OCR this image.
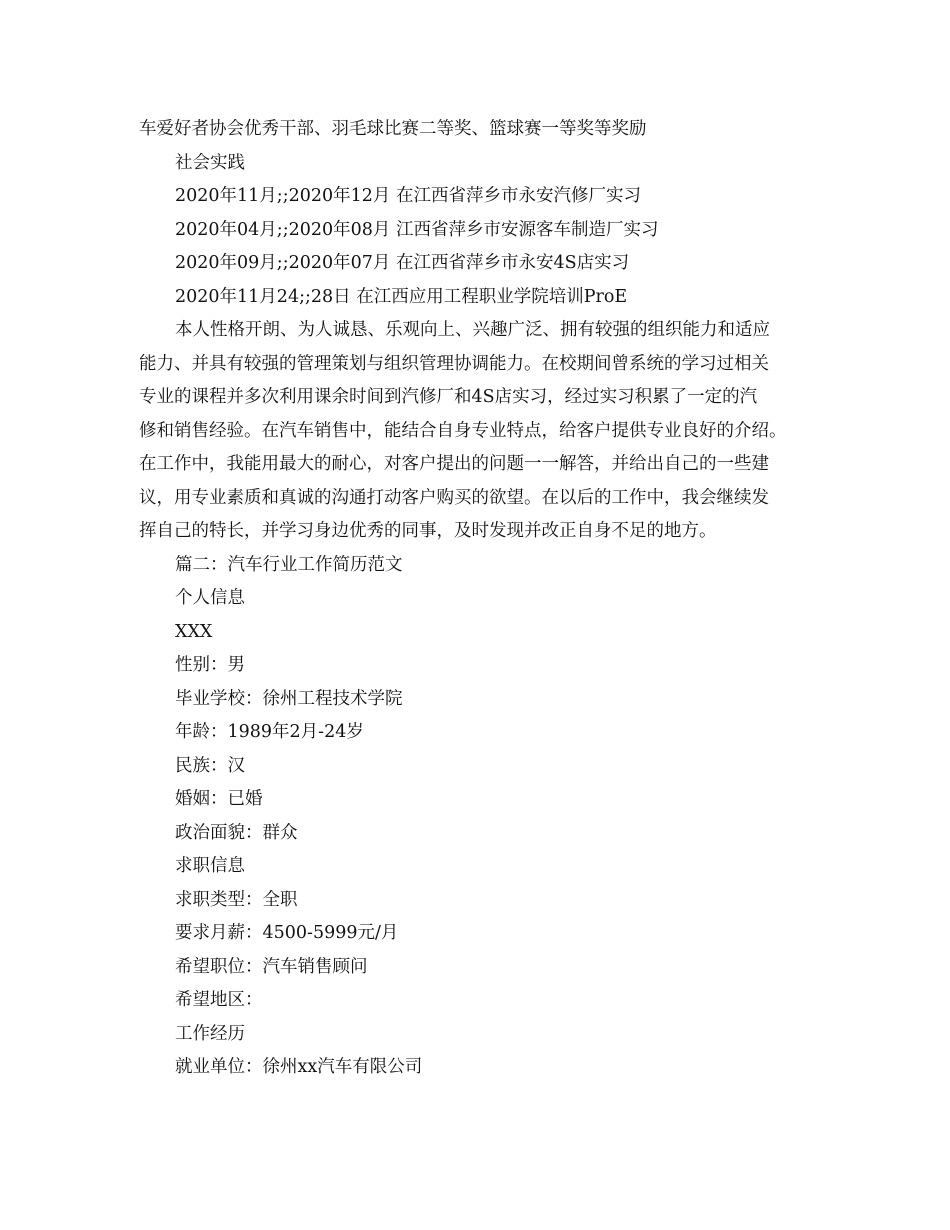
车爱好者协会优秀干部、羽毛球比赛二等奖、篮球赛一等奖等奖励
社会实践
2020年11月;;2020年12月 在江西省萍乡市永安汽修厂实习
2020年04月;;2020年08月 江西省萍乡市安源客车制造厂实习
2020年09月;;2020年07月 在江西省萍乡市永安4S店实习
2020年11月24;;28日 在江西应用工程职业学院培训ProE
本人性格开朗、为人诚恳、乐观向上、兴趣广泛、拥有较强的组织能力和适应
能力、并具有较强的管理策划与组织管理协调能力。在校期间曾系统的学习过相关
专业的课程并多次利用课余时间到汽修厂和4S店实习，经过实习积累了一定的汽
修和销售经验。在汽车销售中，能结合自身专业特点，给客户提供专业良好的介绍。
在工作中，我能用最大的耐心，对客户提出的问题一一解答，并给出自己的一些建
议，用专业素质和真诚的沟通打动客户购买的欲望。在以后的工作中，我会继续发
挥自己的特长，并学习身边优秀的同事，及时发现并改正自身不足的地方。
篇二：汽车行业工作简历范文
个人信息
XXX
性别：男
毕业学校：徐州工程技术学院
年龄：1989年2月-24岁
民族：汉
婚姻：已婚
政治面貌：群众
求职信息
求职类型：全职
要求月薪：4500-5999元/月
希望职位：汽车销售顾问
希望地区：
工作经历
就业单位：徐州xx汽车有限公司
